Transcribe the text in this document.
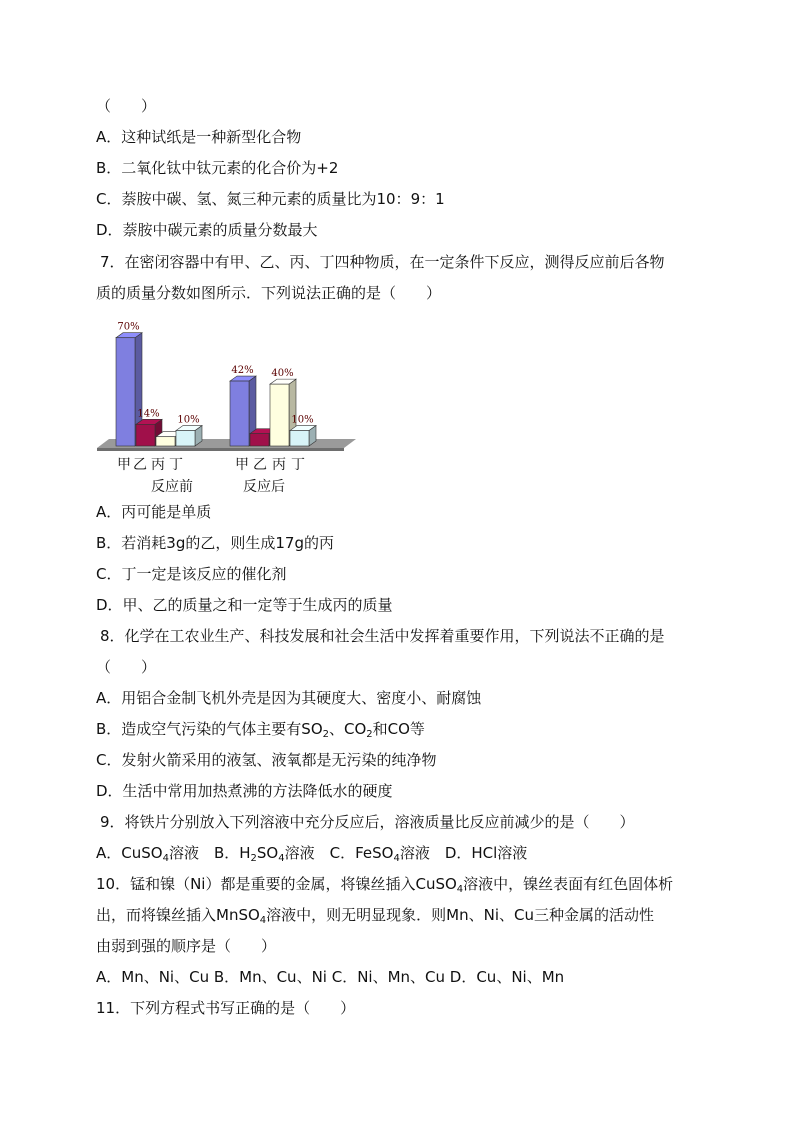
（　　）
A．这种试纸是一种新型化合物
B．二氧化钛中钛元素的化合价为+2
C．萘胺中碳、氢、氮三种元素的质量比为10：9：1
D．萘胺中碳元素的质量分数最大
7．在密闭容器中有甲、乙、丙、丁四种物质，在一定条件下反应，测得反应前后各物
质的质量分数如图所示．下列说法正确的是（　　）
70%
14%
10%
甲 乙 丙 丁
反应前
42% 40%
10%
甲 乙 丙 丁
反应后
A．丙可能是单质
B．若消耗3g的乙，则生成17g的丙
C．丁一定是该反应的催化剂
D．甲、乙的质量之和一定等于生成丙的质量
8．化学在工农业生产、科技发展和社会生活中发挥着重要作用，下列说法不正确的是
（　　）
A．用铝合金制飞机外壳是因为其硬度大、密度小、耐腐蚀
B．造成空气污染的气体主要有$SO_2$、$CO_2$和CO等
C．发射火箭采用的液氢、液氧都是无污染的纯净物
D．生活中常用加热煮沸的方法降低水的硬度
9．将铁片分别放入下列溶液中充分反应后，溶液质量比反应前减少的是（　　）
A．CuSO$_4$溶液　B．$H_2SO_4$溶液　C．FeSO$_4$溶液　D．HCl溶液
10．锰和镍（Ni）都是重要的金属，将镍丝插入CuSO$_4$溶液中，镍丝表面有红色固体析
出，而将镍丝插入MnSO$_4$溶液中，则无明显现象．则Mn、Ni、Cu三种金属的活动性
由弱到强的顺序是（　　）
A．Mn、Ni、Cu B．Mn、Cu、Ni C．Ni、Mn、Cu D．Cu、Ni、Mn
11．下列方程式书写正确的是（　　）
